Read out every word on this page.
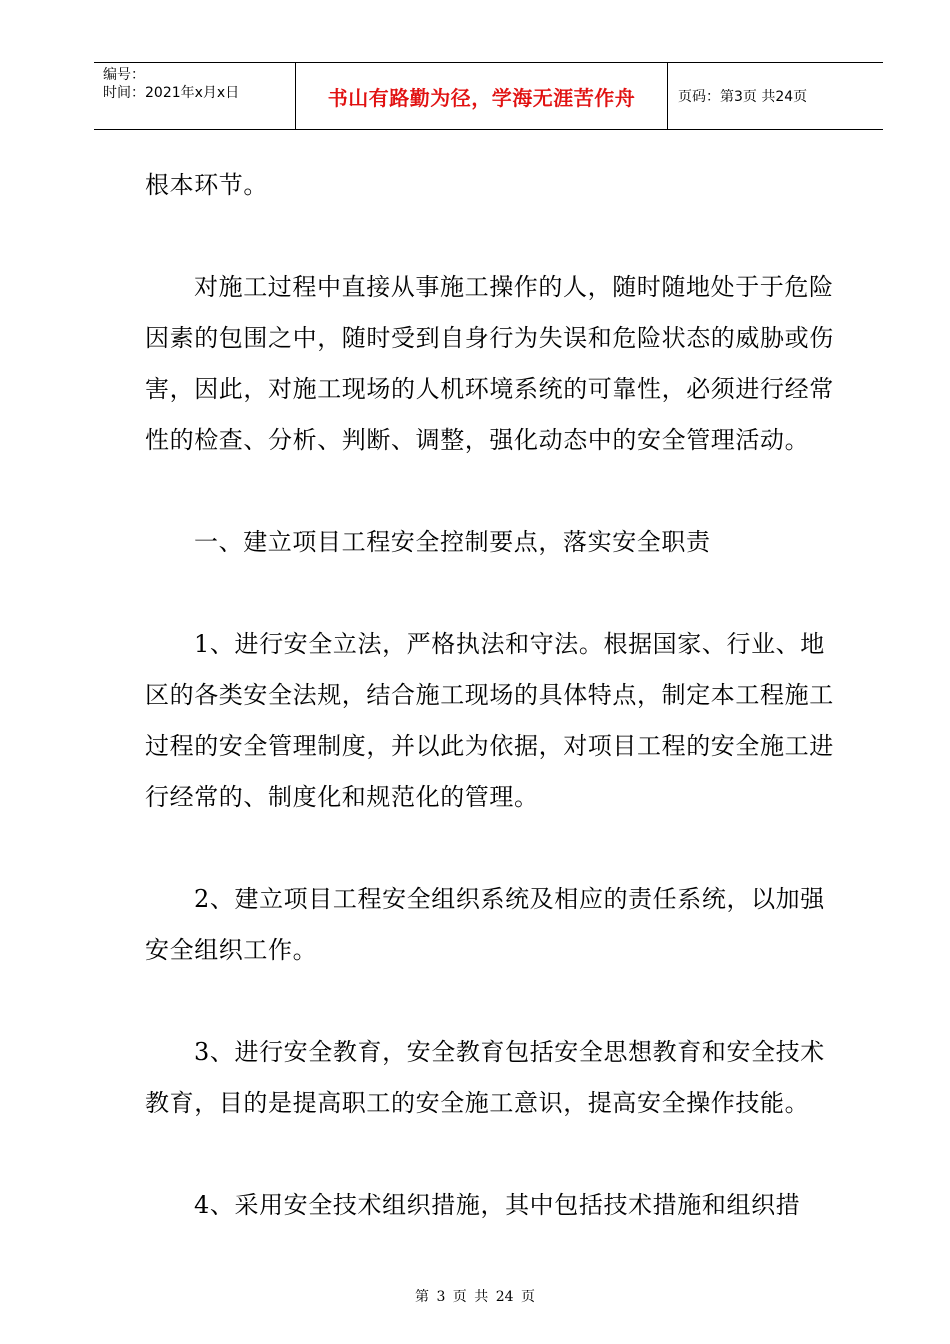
编号：
时间：2021年x月x日	书山有路勤为径，学海无涯苦作舟	页码：第3页 共24页

根本环节。

对施工过程中直接从事施工操作的人，随时随地处于于危险因素的包围之中，随时受到自身行为失误和危险状态的威胁或伤害，因此，对施工现场的人机环境系统的可靠性，必须进行经常性的检查、分析、判断、调整，强化动态中的安全管理活动。

一、建立项目工程安全控制要点，落实安全职责

1、进行安全立法，严格执法和守法。根据国家、行业、地区的各类安全法规，结合施工现场的具体特点，制定本工程施工过程的安全管理制度，并以此为依据，对项目工程的安全施工进行经常的、制度化和规范化的管理。

2、建立项目工程安全组织系统及相应的责任系统，以加强安全组织工作。

3、进行安全教育，安全教育包括安全思想教育和安全技术教育，目的是提高职工的安全施工意识，提高安全操作技能。

4、采用安全技术组织措施，其中包括技术措施和组织措

第 3 页 共 24 页
